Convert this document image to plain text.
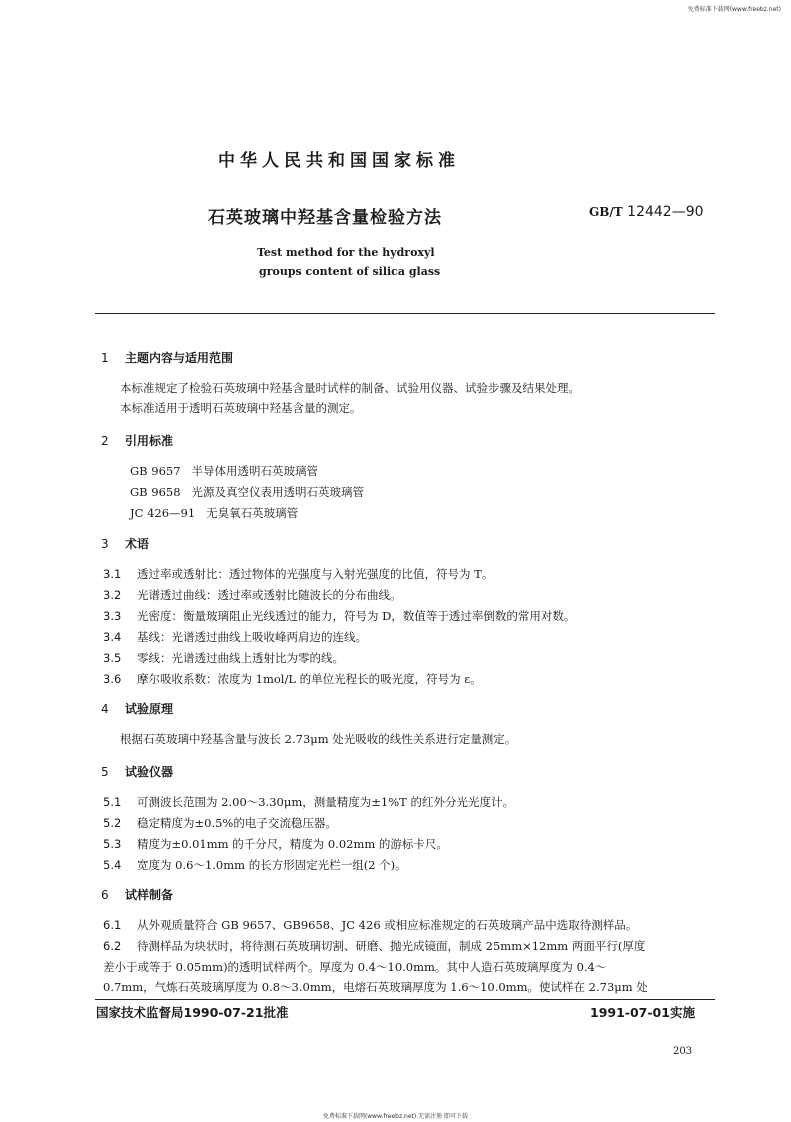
免费标准下载网(www.freebz.net)
中华人民共和国国家标准
石英玻璃中羟基含量检验方法	GB/T 12442—90
Test method for the hydroxyl
groups content of silica glass
1 主题内容与适用范围
本标准规定了检验石英玻璃中羟基含量时试样的制备、试验用仪器、试验步骤及结果处理。
本标准适用于透明石英玻璃中羟基含量的测定。
2 引用标准
GB 9657   半导体用透明石英玻璃管
GB 9658   光源及真空仪表用透明石英玻璃管
JC 426—91   无臭氧石英玻璃管
3 术语
3.1 透过率或透射比：透过物体的光强度与入射光强度的比值，符号为 T。
3.2 光谱透过曲线：透过率或透射比随波长的分布曲线。
3.3 光密度：衡量玻璃阻止光线透过的能力，符号为 D，数值等于透过率倒数的常用对数。
3.4 基线：光谱透过曲线上吸收峰两肩边的连线。
3.5 零线：光谱透过曲线上透射比为零的线。
3.6 摩尔吸收系数：浓度为 1mol/L 的单位光程长的吸光度，符号为 ε。
4 试验原理
根据石英玻璃中羟基含量与波长 2.73μm 处光吸收的线性关系进行定量测定。
5 试验仪器
5.1 可测波长范围为 2.00～3.30μm，测量精度为±1%T 的红外分光光度计。
5.2 稳定精度为±0.5%的电子交流稳压器。
5.3 精度为±0.01mm 的千分尺，精度为 0.02mm 的游标卡尺。
5.4 宽度为 0.6～1.0mm 的长方形固定光栏一组(2 个)。
6 试样制备
6.1 从外观质量符合 GB 9657、GB9658、JC 426 或相应标准规定的石英玻璃产品中选取待测样品。
6.2 待测样品为块状时，将待测石英玻璃切割、研磨、抛光成镜面，制成 25mm×12mm 两面平行(厚度
差小于或等于 0.05mm)的透明试样两个。厚度为 0.4～10.0mm。其中人造石英玻璃厚度为 0.4～
0.7mm，气炼石英玻璃厚度为 0.8～3.0mm，电熔石英玻璃厚度为 1.6～10.0mm。使试样在 2.73μm 处
国家技术监督局1990-07-21批准	1991-07-01实施
203
免费标准下载网(www.freebz.net) 无需注册 即可下载
